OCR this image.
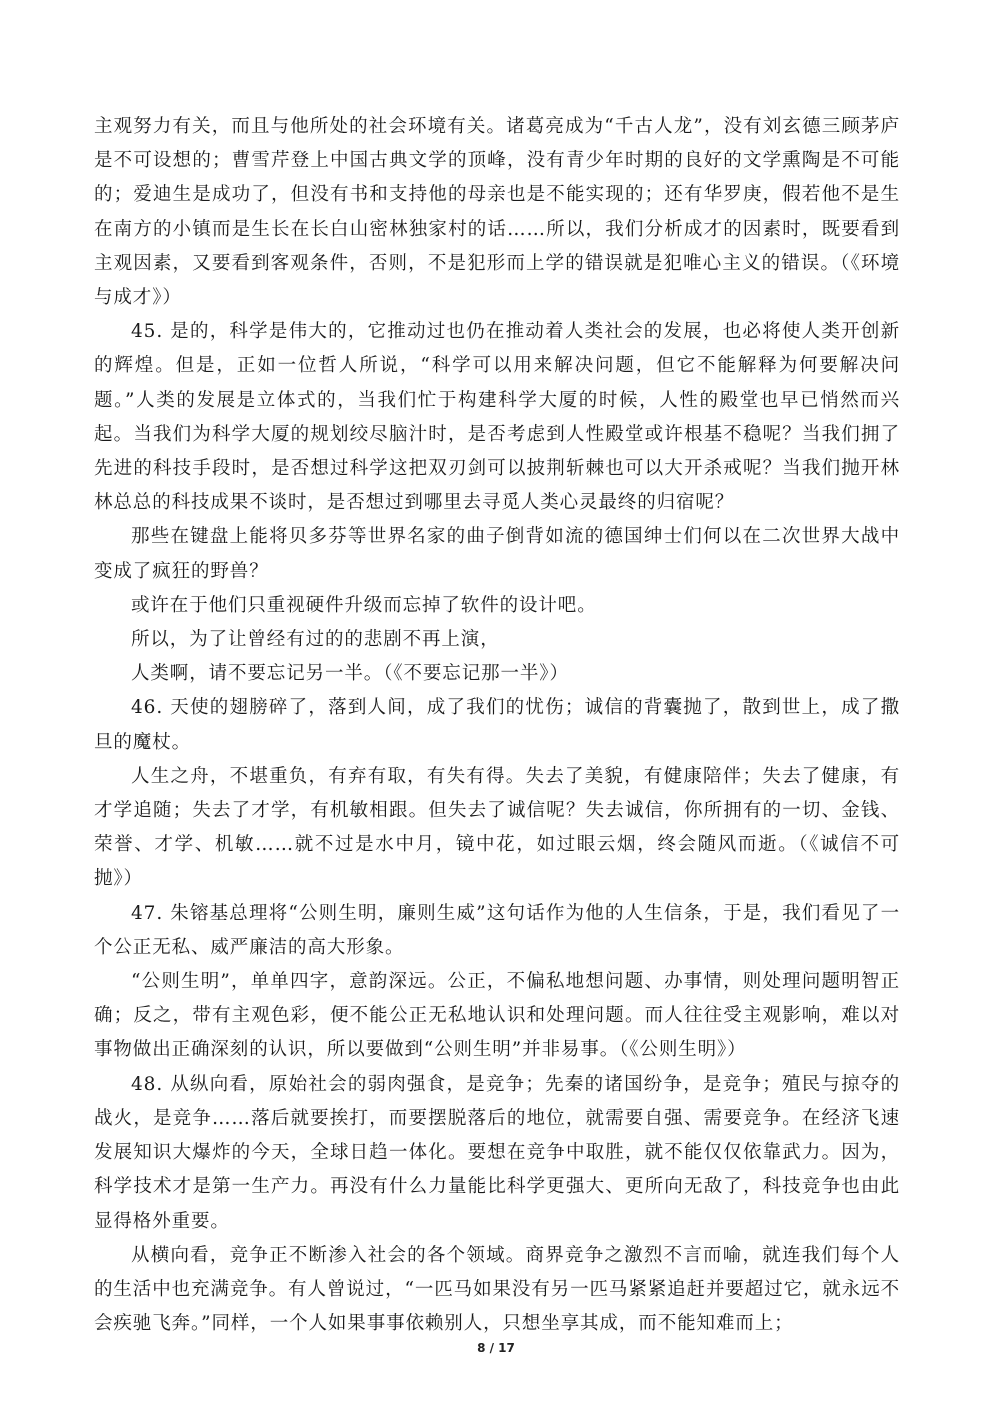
主观努力有关，而且与他所处的社会环境有关。诸葛亮成为“千古人龙”，没有刘玄德三顾茅庐是不可设想的；曹雪芹登上中国古典文学的顶峰，没有青少年时期的良好的文学熏陶是不可能的；爱迪生是成功了，但没有书和支持他的母亲也是不能实现的；还有华罗庚，假若他不是生在南方的小镇而是生长在长白山密林独家村的话……所以，我们分析成才的因素时，既要看到主观因素，又要看到客观条件，否则，不是犯形而上学的错误就是犯唯心主义的错误。（《环境与成才》）

45. 是的，科学是伟大的，它推动过也仍在推动着人类社会的发展，也必将使人类开创新的辉煌。但是，正如一位哲人所说，“科学可以用来解决问题，但它不能解释为何要解决问题。”人类的发展是立体式的，当我们忙于构建科学大厦的时候，人性的殿堂也早已悄然而兴起。当我们为科学大厦的规划绞尽脑汁时，是否考虑到人性殿堂或许根基不稳呢？当我们拥了先进的科技手段时，是否想过科学这把双刃剑可以披荆斩棘也可以大开杀戒呢？当我们抛开林林总总的科技成果不谈时，是否想过到哪里去寻觅人类心灵最终的归宿呢？

那些在键盘上能将贝多芬等世界名家的曲子倒背如流的德国绅士们何以在二次世界大战中变成了疯狂的野兽？

或许在于他们只重视硬件升级而忘掉了软件的设计吧。

所以，为了让曾经有过的的悲剧不再上演，

人类啊，请不要忘记另一半。（《不要忘记那一半》）

46. 天使的翅膀碎了，落到人间，成了我们的忧伤；诚信的背囊抛了，散到世上，成了撒旦的魔杖。

人生之舟，不堪重负，有弃有取，有失有得。失去了美貌，有健康陪伴；失去了健康，有才学追随；失去了才学，有机敏相跟。但失去了诚信呢？失去诚信，你所拥有的一切、金钱、荣誉、才学、机敏……就不过是水中月，镜中花，如过眼云烟，终会随风而逝。（《诚信不可抛》）

47. 朱镕基总理将“公则生明，廉则生威”这句话作为他的人生信条，于是，我们看见了一个公正无私、威严廉洁的高大形象。

“公则生明”，单单四字，意韵深远。公正，不偏私地想问题、办事情，则处理问题明智正确；反之，带有主观色彩，便不能公正无私地认识和处理问题。而人往往受主观影响，难以对事物做出正确深刻的认识，所以要做到“公则生明”并非易事。（《公则生明》）

48. 从纵向看，原始社会的弱肉强食，是竞争；先秦的诸国纷争，是竞争；殖民与掠夺的战火，是竞争……落后就要挨打，而要摆脱落后的地位，就需要自强、需要竞争。在经济飞速发展知识大爆炸的今天，全球日趋一体化。要想在竞争中取胜，就不能仅仅依靠武力。因为，科学技术才是第一生产力。再没有什么力量能比科学更强大、更所向无敌了，科技竞争也由此显得格外重要。

从横向看，竞争正不断渗入社会的各个领域。商界竞争之激烈不言而喻，就连我们每个人的生活中也充满竞争。有人曾说过，“一匹马如果没有另一匹马紧紧追赶并要超过它，就永远不会疾驰飞奔。”同样，一个人如果事事依赖别人，只想坐享其成，而不能知难而上；

8 / 17
